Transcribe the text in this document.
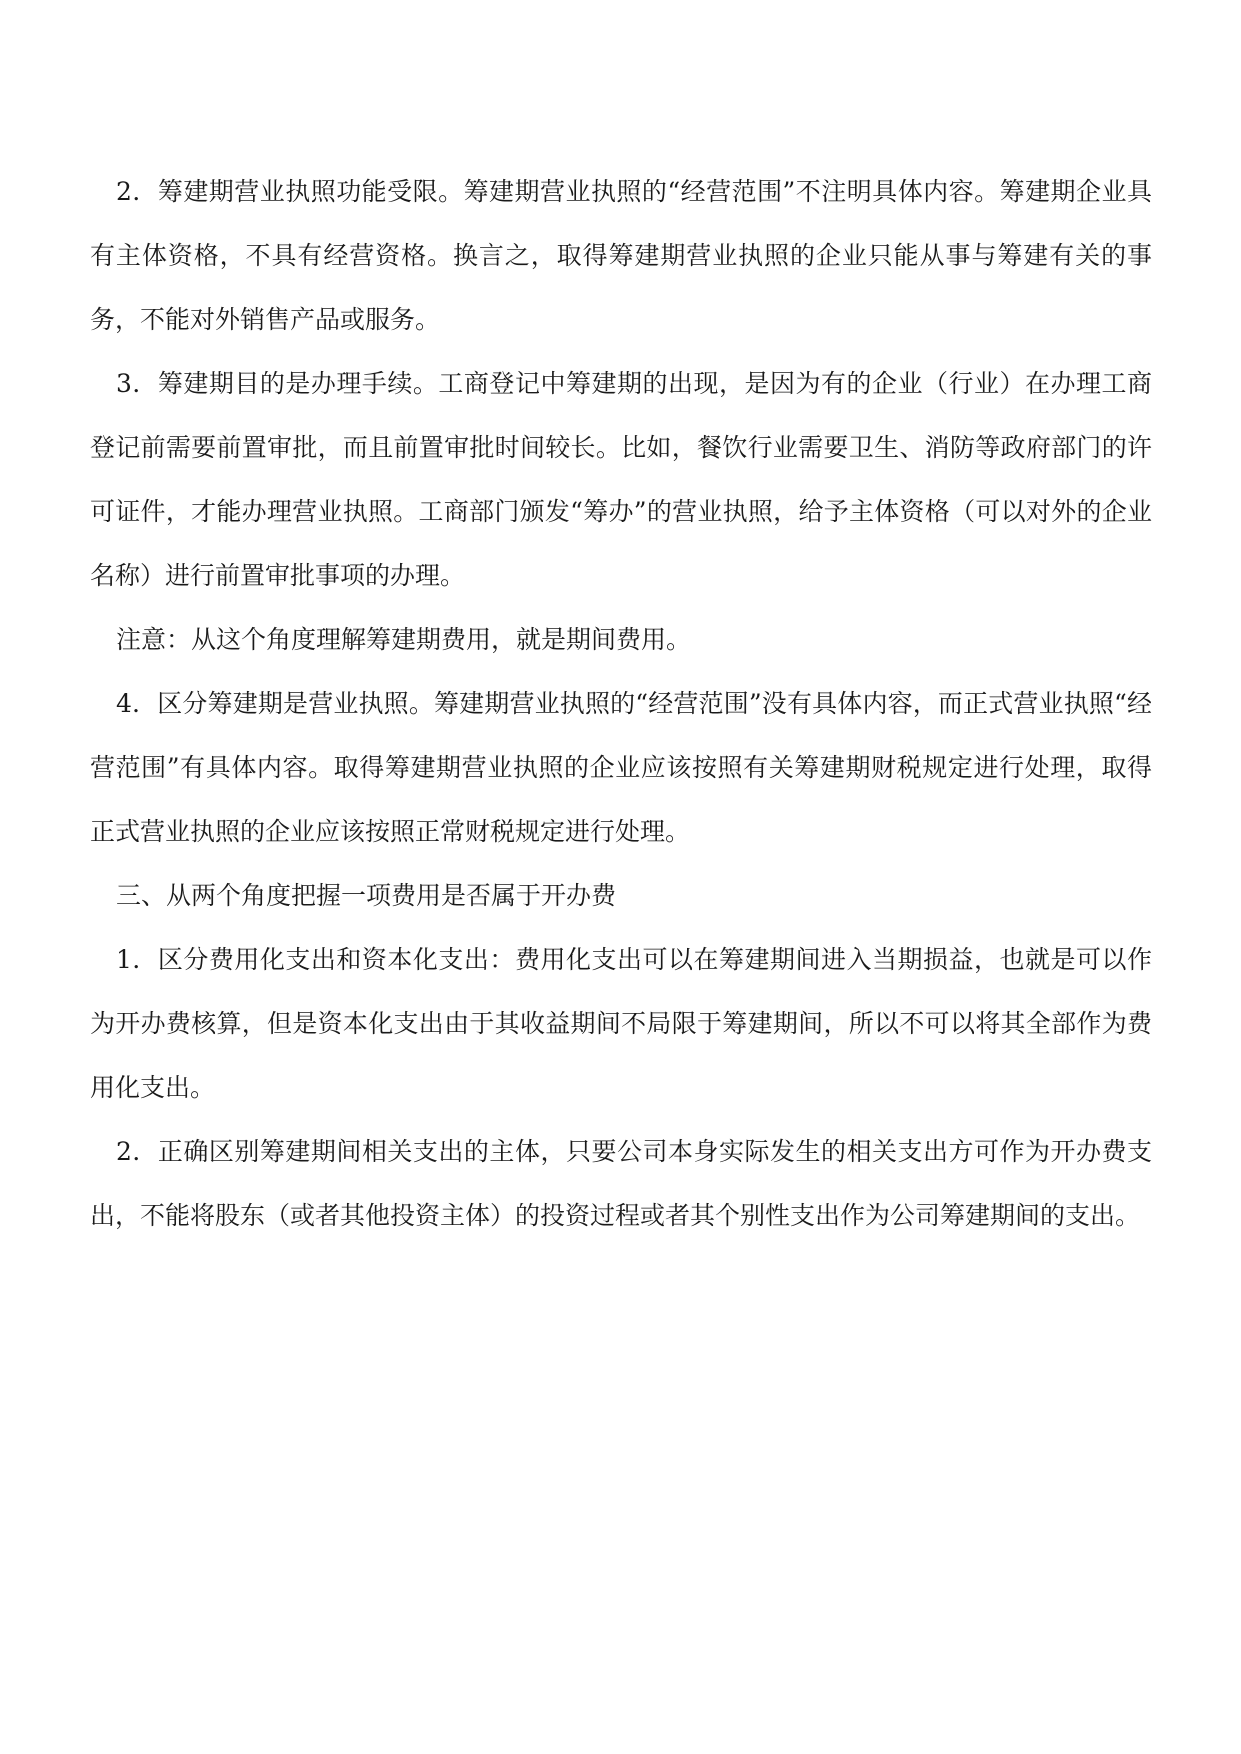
2．筹建期营业执照功能受限。筹建期营业执照的“经营范围”不注明具体内容。筹建期企业具有主体资格，不具有经营资格。换言之，取得筹建期营业执照的企业只能从事与筹建有关的事务，不能对外销售产品或服务。

3．筹建期目的是办理手续。工商登记中筹建期的出现，是因为有的企业（行业）在办理工商登记前需要前置审批，而且前置审批时间较长。比如，餐饮行业需要卫生、消防等政府部门的许可证件，才能办理营业执照。工商部门颁发“筹办”的营业执照，给予主体资格（可以对外的企业名称）进行前置审批事项的办理。

注意：从这个角度理解筹建期费用，就是期间费用。

4．区分筹建期是营业执照。筹建期营业执照的“经营范围”没有具体内容，而正式营业执照“经营范围”有具体内容。取得筹建期营业执照的企业应该按照有关筹建期财税规定进行处理，取得正式营业执照的企业应该按照正常财税规定进行处理。

三、从两个角度把握一项费用是否属于开办费

1．区分费用化支出和资本化支出：费用化支出可以在筹建期间进入当期损益，也就是可以作为开办费核算，但是资本化支出由于其收益期间不局限于筹建期间，所以不可以将其全部作为费用化支出。

2．正确区别筹建期间相关支出的主体，只要公司本身实际发生的相关支出方可作为开办费支出，不能将股东（或者其他投资主体）的投资过程或者其个别性支出作为公司筹建期间的支出。
